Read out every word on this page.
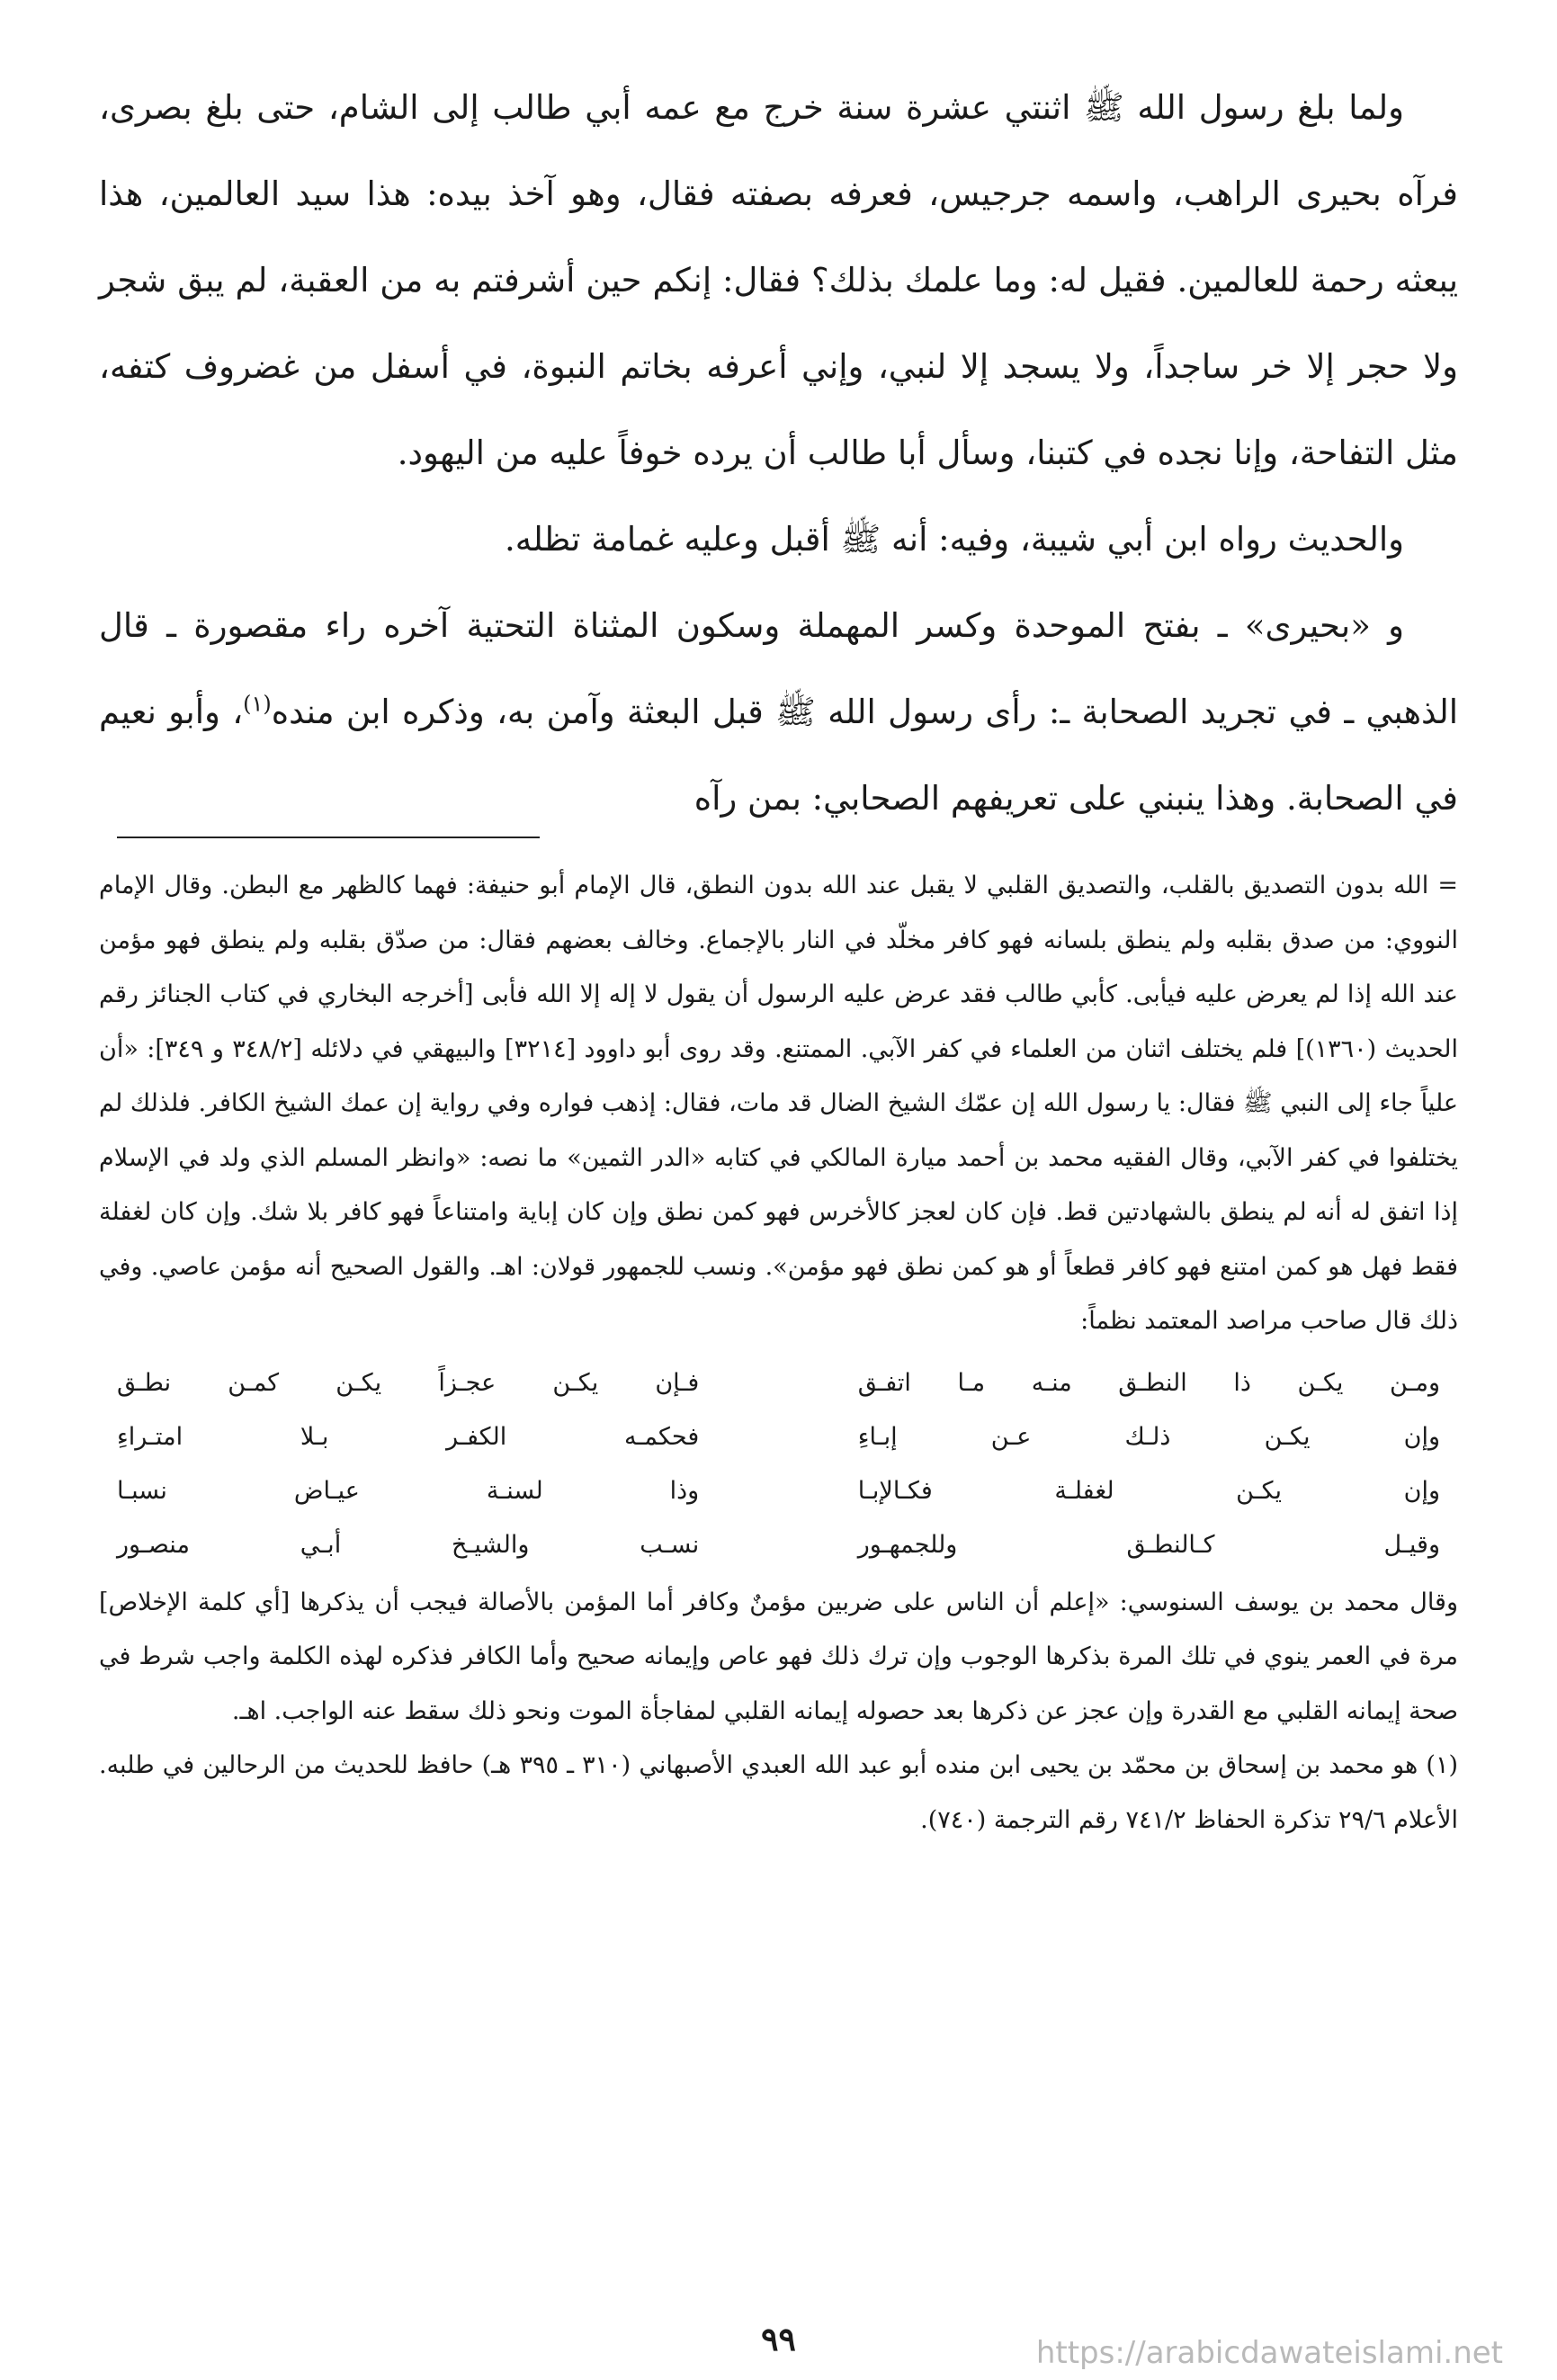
ولما بلغ رسول الله ﷺ اثنتي عشرة سنة خرج مع عمه أبي طالب إلى الشام، حتى بلغ بصرى، فرآه بحيرى الراهب، واسمه جرجيس، فعرفه بصفته فقال، وهو آخذ بيده: هذا سيد العالمين، هذا يبعثه رحمة للعالمين. فقيل له: وما علمك بذلك؟ فقال: إنكم حين أشرفتم به من العقبة، لم يبق شجر ولا حجر إلا خر ساجداً، ولا يسجد إلا لنبي، وإني أعرفه بخاتم النبوة، في أسفل من غضروف كتفه، مثل التفاحة، وإنا نجده في كتبنا، وسأل أبا طالب أن يرده خوفاً عليه من اليهود.

والحديث رواه ابن أبي شيبة، وفيه: أنه ﷺ أقبل وعليه غمامة تظله.

و «بحيرى» ـ بفتح الموحدة وكسر المهملة وسكون المثناة التحتية آخره راء مقصورة ـ قال الذهبي ـ في تجريد الصحابة ـ: رأى رسول الله ﷺ قبل البعثة وآمن به، وذكره ابن منده$^{(١)}$، وأبو نعيم في الصحابة. وهذا ينبني على تعريفهم الصحابي: بمن رآه

= الله بدون التصديق بالقلب، والتصديق القلبي لا يقبل عند الله بدون النطق، قال الإمام أبو حنيفة: فهما كالظهر مع البطن. وقال الإمام النووي: من صدق بقلبه ولم ينطق بلسانه فهو كافر مخلّد في النار بالإجماع. وخالف بعضهم فقال: من صدّق بقلبه ولم ينطق فهو مؤمن عند الله إذا لم يعرض عليه فيأبى. كأبي طالب فقد عرض عليه الرسول أن يقول لا إله إلا الله فأبى [أخرجه البخاري في كتاب الجنائز رقم الحديث (١٣٦٠)] فلم يختلف اثنان من العلماء في كفر الآبي. الممتنع. وقد روى أبو داوود [٣٢١٤] والبيهقي في دلائله [٣٤٨/٢ و ٣٤٩]: «أن علياً جاء إلى النبي ﷺ فقال: يا رسول الله إن عمّك الشيخ الضال قد مات، فقال: إذهب فواره وفي رواية إن عمك الشيخ الكافر. فلذلك لم يختلفوا في كفر الآبي، وقال الفقيه محمد بن أحمد ميارة المالكي في كتابه «الدر الثمين» ما نصه: «وانظر المسلم الذي ولد في الإسلام إذا اتفق له أنه لم ينطق بالشهادتين قط. فإن كان لعجز كالأخرس فهو كمن نطق وإن كان إباية وامتناعاً فهو كافر بلا شك. وإن كان لغفلة فقط فهل هو كمن امتنع فهو كافر قطعاً أو هو كمن نطق فهو مؤمن». ونسب للجمهور قولان: اهـ. والقول الصحيح أنه مؤمن عاصي. وفي ذلك قال صاحب مراصد المعتمد نظماً:

ومـن يكـن ذا النطـق منـه مـا اتفـق
فـإن يكـن عجـزاً يكـن كمـن نطـق
وإن يكـن ذلـك عـن إبـاءِ
فحكمـه الكفـر بـلا امتـراءِ
وإن يكـن لغفلـة فكـالإبـا
وذا لسنـة عيـاض نسبـا
وقيـل كـالنطـق وللجمهـور
نسـب والشيـخ أبـي منصـور

وقال محمد بن يوسف السنوسي: «إعلم أن الناس على ضربين مؤمنٌ وكافر أما المؤمن بالأصالة فيجب أن يذكرها [أي كلمة الإخلاص] مرة في العمر ينوي في تلك المرة بذكرها الوجوب وإن ترك ذلك فهو عاص وإيمانه صحيح وأما الكافر فذكره لهذه الكلمة واجب شرط في صحة إيمانه القلبي مع القدرة وإن عجز عن ذكرها بعد حصوله إيمانه القلبي لمفاجأة الموت ونحو ذلك سقط عنه الواجب. اهـ.

(١) هو محمد بن إسحاق بن محمّد بن يحيى ابن منده أبو عبد الله العبدي الأصبهاني (٣١٠ ـ ٣٩٥ هـ) حافظ للحديث من الرحالين في طلبه. الأعلام ٢٩/٦ تذكرة الحفاظ ٧٤١/٢ رقم الترجمة (٧٤٠).

٩٩	https://arabicdawateislami.net
